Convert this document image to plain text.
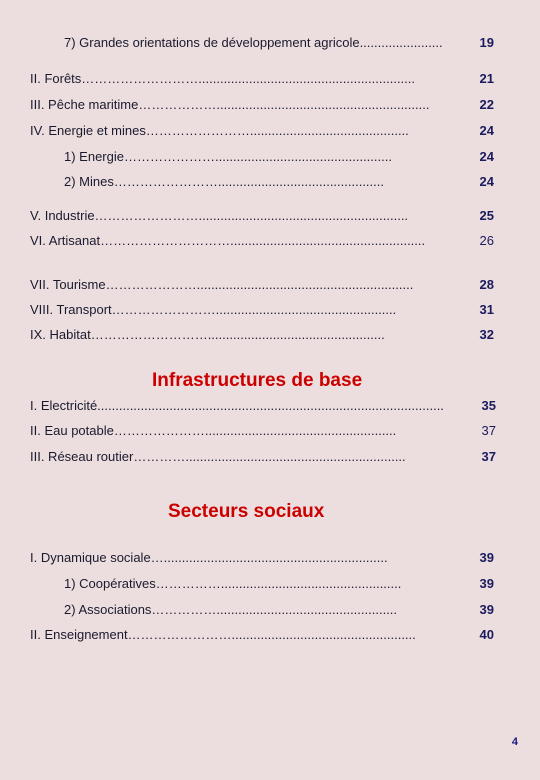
7) Grandes orientations de développement agricole.......................	19
II. Forêts………………………............................................................	21
III. Pêche maritime………………...........................................................	22
IV. Energie et mines……………………............................................	24
1) Energie………………….................................................	24
2) Mines……………………..............................................	24
V. Industrie……………………..........................................................	25
VI. Artisanat…………………………......................................................	26
VII. Tourisme…………………............................................................	28
VIII. Transport……………………..................................................	31
IX. Habitat……………………….................................................	32
Infrastructures de base
I. Electricité................................................................................................	35
II. Eau potable………………….....................................................	37
III. Réseau routier………….............................................................	37
Secteurs sociaux
I. Dynamique sociale…..............................................................	39
1) Coopératives……………..................................................	39
2) Associations……………..................................................	39
II. Enseignement……………………...................................................	40
4
